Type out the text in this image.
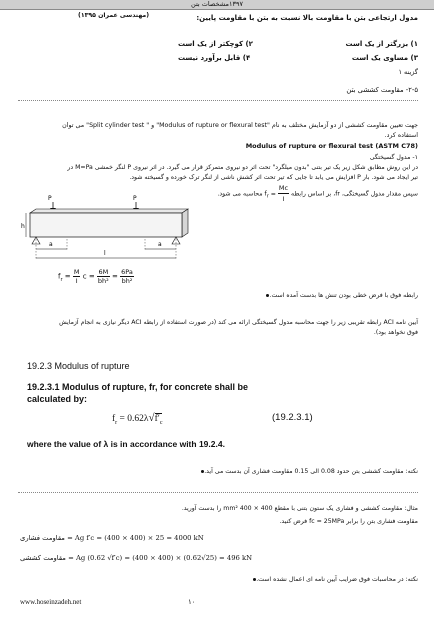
۱۳۹۷مشخصات بتن
مدول ارتجاعی بتن با مقاومت بالا نسبت به بتن با مقاومت پایین:
(مهندسی عمران ۱۳۹۵)
۱) بزرگتر از یک است
۲) کوچکتر از یک است
۳) مساوی یک است
۴) قابل برآورد نیست
گزینه ۱
۲-۵- مقاومت کششی بتن
جهت تعیین مقاومت کششی از دو آزمایش مختلف به نام "Modulus of rupture or flexural test" و " Split cylinder test" می توان
استفاده کرد.
Modulus of rupture or flexural test (ASTM C78)
۱- مدول گسیختگی
در این روش مطابق شکل زیر یک تیر بتنی "بدون میلگرد" تحت اثر دو نیروی متمرکز قرار می گیرد. در اثر نیروی P لنگر خمشی M=Pa در
تیر ایجاد می شود. بار P افزایش می یابد تا جایی که تیر تحت اثر کشش ناشی از لنگر ترک خورده و گسیخته شود.
سپس مقدار مدول گسیختگی، fr، بر اساس رابطه $f_r = \frac{Mc}{I}$
محاسبه می شود.
P	P
h
a	a
l
$f_r = \frac{M}{I}$ $c = \frac{6M}{\text{bh²}} = \frac{6Pa}{\text{bh²}}$
رابطه فوق با فرض خطی بودن تنش ها بدست آمده است.
آیین نامه ACI رابطه تقریبی زیر را جهت محاسبه مدول گسیختگی ارائه می کند (در صورت استفاده از رابطه ACI دیگر نیازی به انجام آزمایش
فوق نخواهد بود).
19.2.3 Modulus of rupture
19.2.3.1 Modulus of rupture, fr, for concrete shall be
calculated by:
$f_r = 0.62\lambda√f'_c$	(19.2.3.1)
where the value of λ is in accordance with 19.2.4.
نکته: مقاومت کششی بتن حدود 0.08 الی 0.15 مقاومت فشاری آن بدست می آید.
مثال: مقاومت کششی و فشاری یک ستون بتنی با مقطع 400 × 400 mm² را بدست آورید.
مقاومت فشاری بتن را برابر fc = 25MPa فرض کنید.
مقاومت فشاری = Ag f′c = (400 × 400) × 25 = 4000 kN
مقاومت کششی = Ag (0.62 √f′c) = (400 × 400) × (0.62√25) = 496 kN
نکته: در محاسبات فوق ضرایب آیین نامه ای اعمال نشده است.
www.hoseinzadeh.net	۱۰
